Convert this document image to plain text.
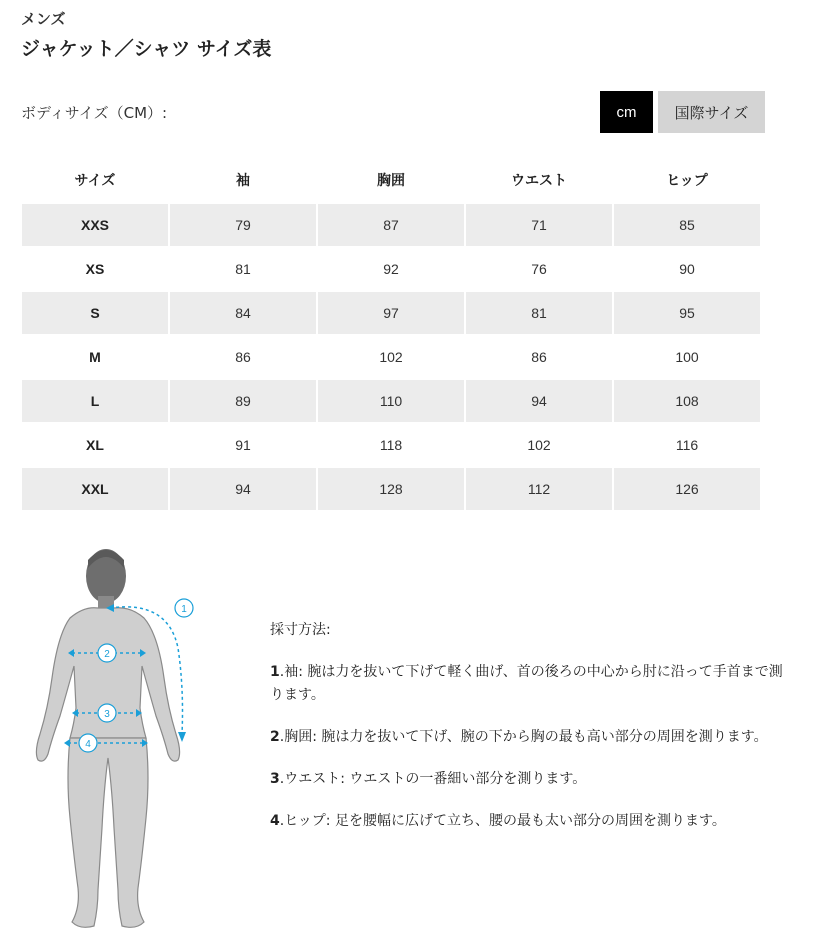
メンズ
ジャケット／シャツ サイズ表
ボディサイズ（CM）:	cm	国際サイズ
サイズ	袖	胸囲	ウエスト	ヒップ
XXS	79	87	71	85
XS	81	92	76	90
S	84	97	81	95
M	86	102	86	100
L	89	110	94	108
XL	91	118	102	116
XXL	94	128	112	126
1
2
3
4

採寸方法:

1.袖: 腕は力を抜いて下げて軽く曲げ、首の後ろの中心から肘に沿って手首まで測ります。

2.胸囲: 腕は力を抜いて下げ、腕の下から胸の最も高い部分の周囲を測ります。

3.ウエスト: ウエストの一番細い部分を測ります。

4.ヒップ: 足を腰幅に広げて立ち、腰の最も太い部分の周囲を測ります。
